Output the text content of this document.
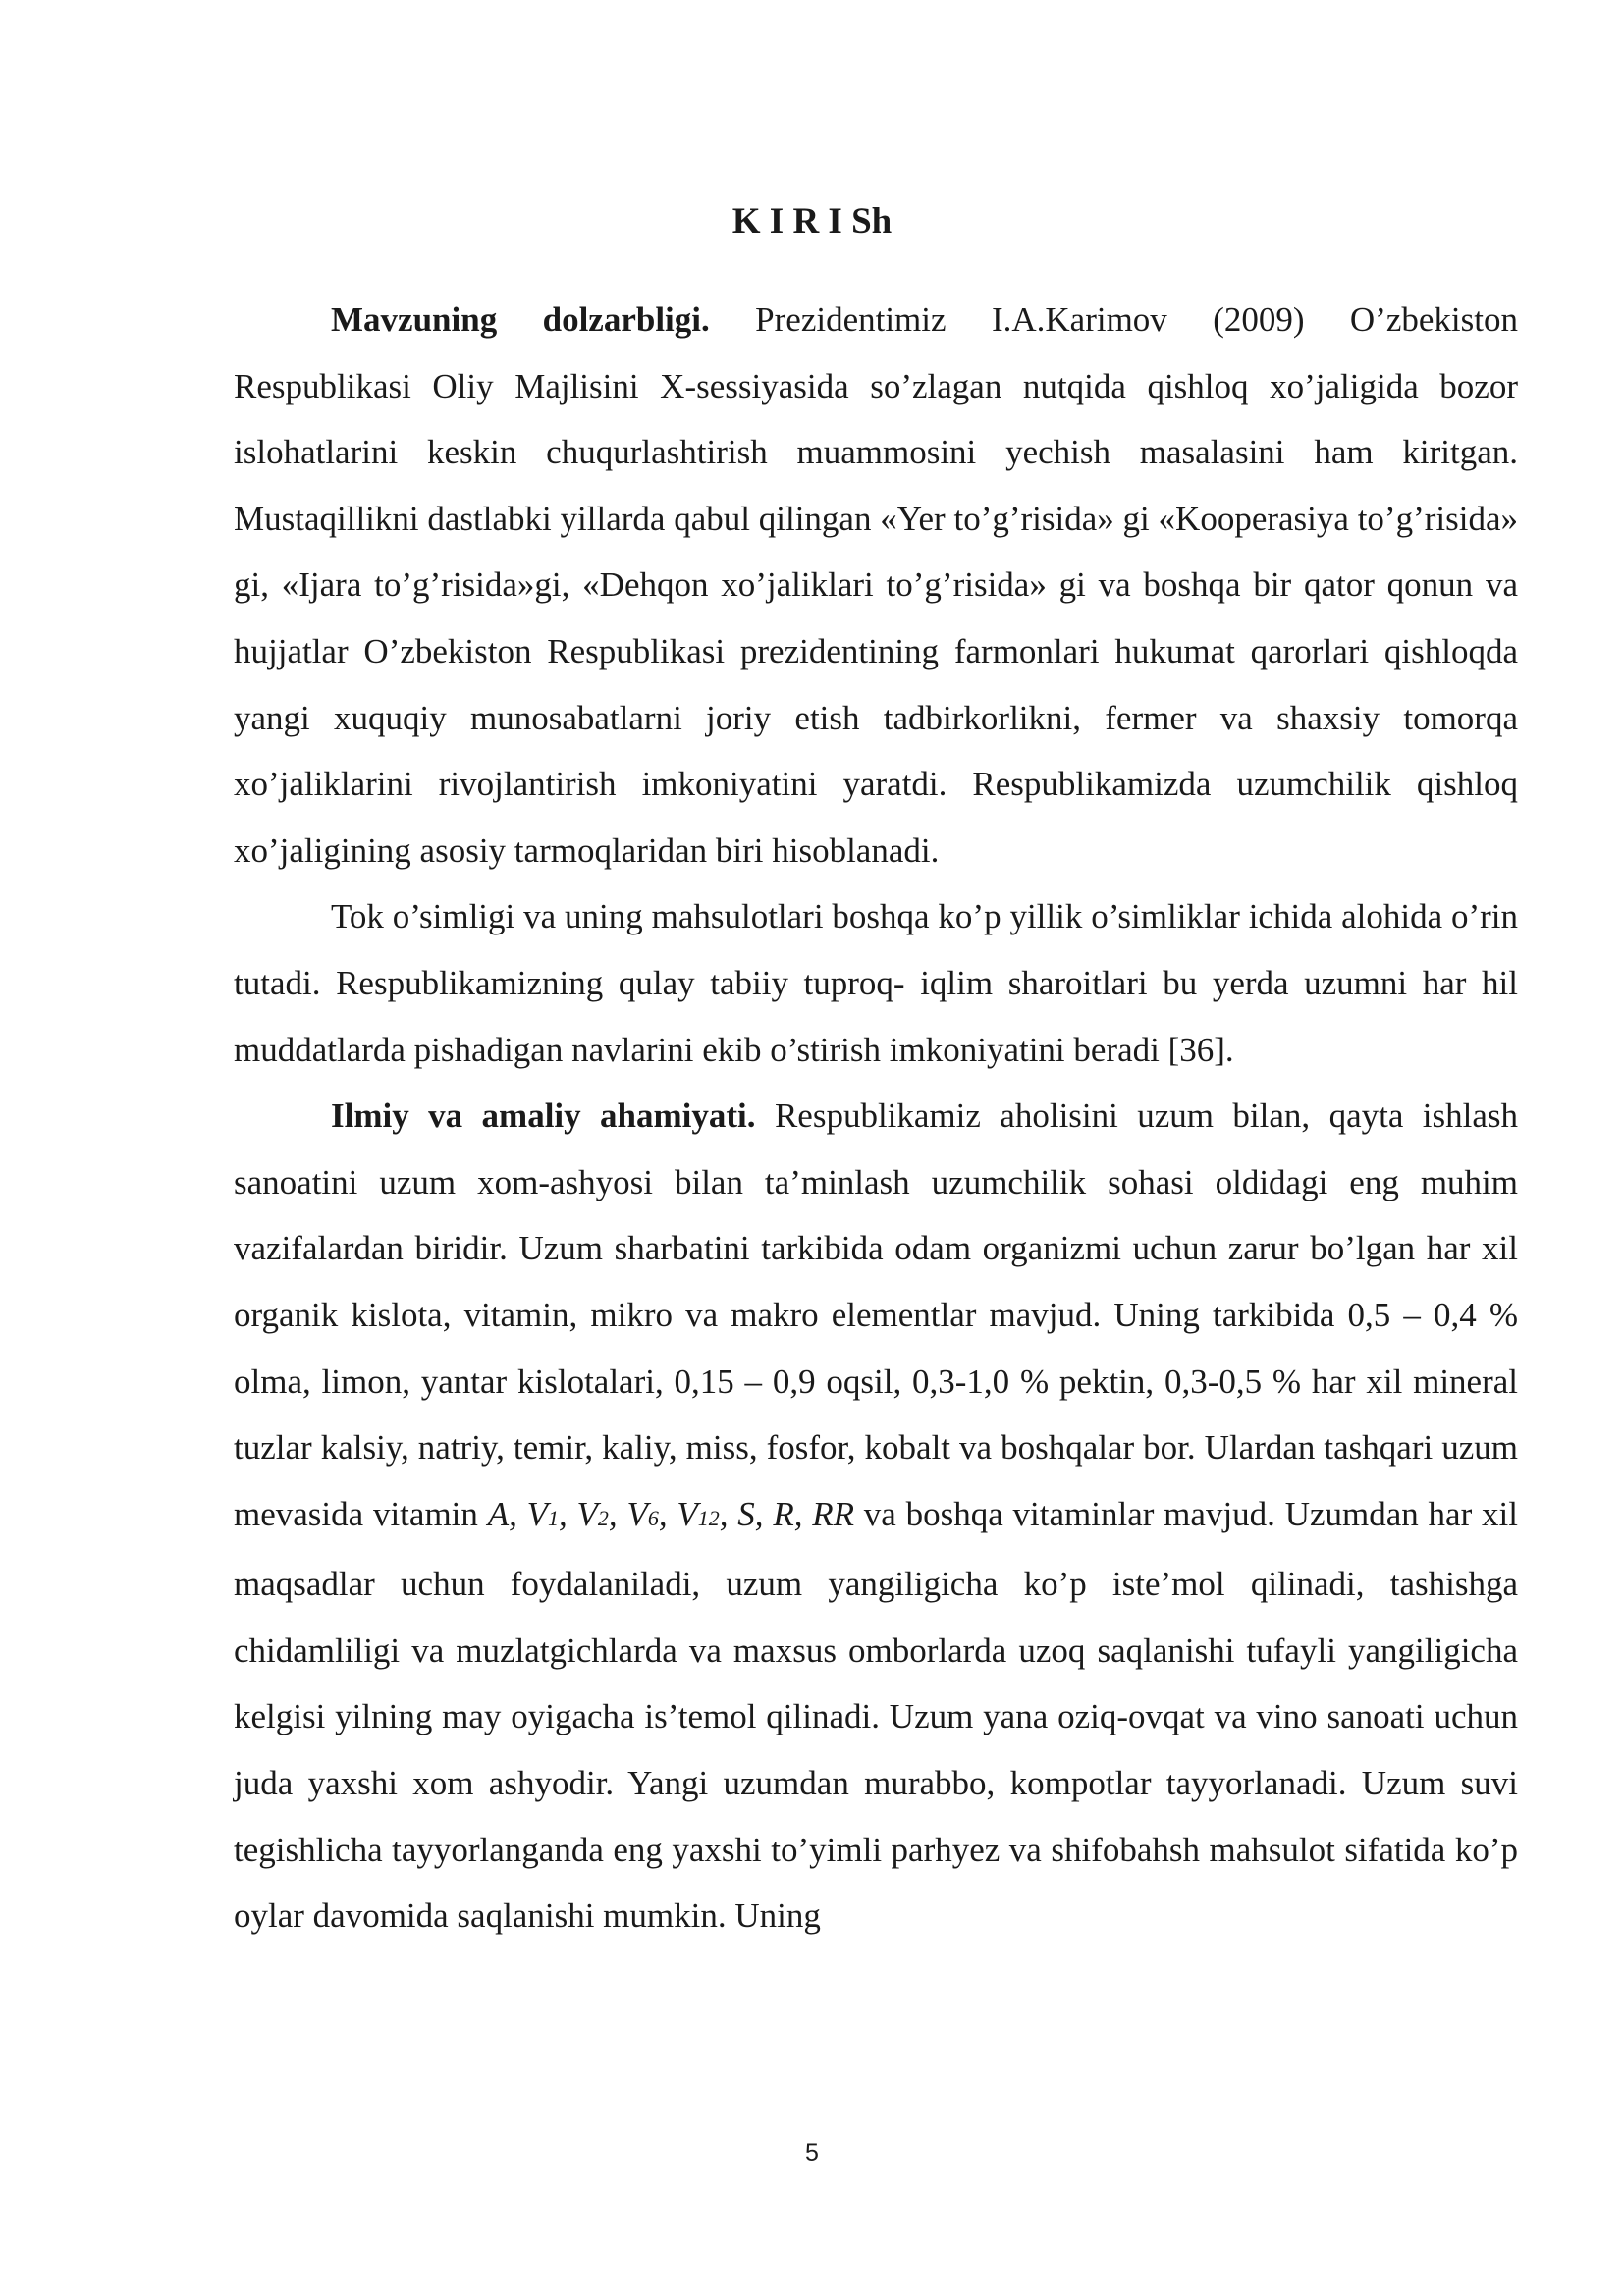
K I R I Sh

Mavzuning dolzarbligi. Prezidentimiz I.A.Karimov (2009) O’zbekiston Respublikasi Oliy Majlisini X-sessiyasida so’zlagan nutqida qishloq xo’jaligida bozor islohatlarini keskin chuqurlashtirish muammosini yechish masalasini ham kiritgan. Mustaqillikni dastlabki yillarda qabul qilingan «Yer to’g’risida» gi «Kooperasiya to’g’risida» gi, «Ijara to’g’risida»gi, «Dehqon xo’jaliklari to’g’risida» gi va boshqa bir qator qonun va hujjatlar O’zbekiston Respublikasi prezidentining farmonlari hukumat qarorlari qishloqda yangi xuquqiy munosabatlarni joriy etish tadbirkorlikni, fermer va shaxsiy tomorqa xo’jaliklarini rivojlantirish imkoniyatini yaratdi. Respublikamizda uzumchilik qishloq xo’jaligining asosiy tarmoqlaridan biri hisoblanadi.

Tok o’simligi va uning mahsulotlari boshqa ko’p yillik o’simliklar ichida alohida o’rin tutadi. Respublikamizning qulay tabiiy tuproq- iqlim sharoitlari bu yerda uzumni har hil muddatlarda pishadigan navlarini ekib o’stirish imkoniyatini beradi [36].

Ilmiy va amaliy ahamiyati. Respublikamiz aholisini uzum bilan, qayta ishlash sanoatini uzum xom-ashyosi bilan ta’minlash uzumchilik sohasi oldidagi eng muhim vazifalardan biridir. Uzum sharbatini tarkibida odam organizmi uchun zarur bo’lgan har xil organik kislota, vitamin, mikro va makro elementlar mavjud. Uning tarkibida 0,5 – 0,4 % olma, limon, yantar kislotalari, 0,15 – 0,9 oqsil, 0,3-1,0 % pektin, 0,3-0,5 % har xil mineral tuzlar kalsiy, natriy, temir, kaliy, miss, fosfor, kobalt va boshqalar bor. Ulardan tashqari uzum mevasida vitamin A, V1, V2, V6, V12, S, R, RR va boshqa vitaminlar mavjud. Uzumdan har xil maqsadlar uchun foydalaniladi, uzum yangiligicha ko’p iste’mol qilinadi, tashishga chidamliligi va muzlatgichlarda va maxsus omborlarda uzoq saqlanishi tufayli yangiligicha kelgisi yilning may oyigacha is’temol qilinadi. Uzum yana oziq-ovqat va vino sanoati uchun juda yaxshi xom ashyodir. Yangi uzumdan murabbo, kompotlar tayyorlanadi. Uzum suvi tegishlicha tayyorlanganda eng yaxshi to’yimli parhyez va shifobahsh mahsulot sifatida ko’p oylar davomida saqlanishi mumkin. Uning

5
